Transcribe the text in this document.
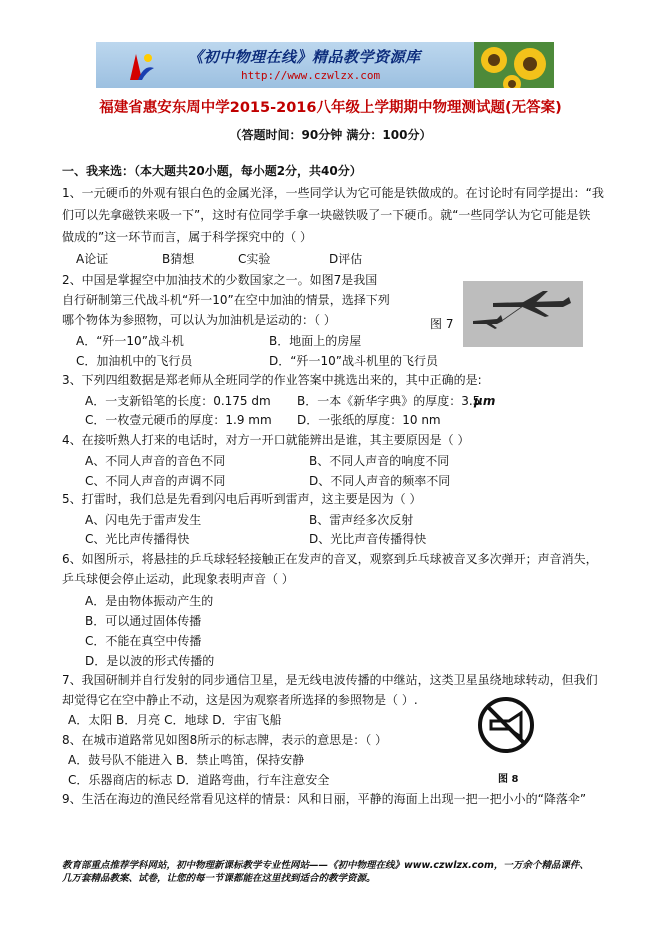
《初中物理在线》精品教学资源库
http://www.czwlzx.com
福建省惠安东周中学2015-2016八年级上学期期中物理测试题(无答案)
（答题时间：90分钟 满分：100分）
一、我来选：（本大题共20小题，每小题2分，共40分）
1、一元硬币的外观有银白色的金属光泽，一些同学认为它可能是铁做成的。在讨论时有同学提出：“我
们可以先拿磁铁来吸一下”，这时有位同学手拿一块磁铁吸了一下硬币。就“一些同学认为它可能是铁
做成的”这一环节而言，属于科学探究中的（ ）
A论证	B猜想	C实验	D评估
2、中国是掌握空中加油技术的少数国家之一。如图7是我国
自行研制第三代战斗机“歼一10”在空中加油的情景，选择下列
哪个物体为参照物，可以认为加油机是运动的：（ ）
A．“歼一10”战斗机	B．地面上的房屋
C．加油机中的飞行员	D．“歼一10”战斗机里的飞行员
图 7
3、下列四组数据是郑老师从全班同学的作业答案中挑选出来的，其中正确的是:
A．一支新铅笔的长度：0.175 dm B．一本《新华字典》的厚度：3.5
μm
C．一枚壹元硬币的厚度：1.9 mm D．一张纸的厚度：10 nm
4、在接听熟人打来的电话时，对方一开口就能辨出是谁，其主要原因是（ ）
A、不同人声音的音色不同	B、不同人声音的响度不同
C、不同人声音的声调不同	D、不同人声音的频率不同
5、打雷时，我们总是先看到闪电后再听到雷声，这主要是因为（ ）
A、闪电先于雷声发生	B、雷声经多次反射
C、光比声传播得快	D、光比声音传播得快
6、如图所示，将悬挂的乒乓球轻轻接触正在发声的音叉，观察到乒乓球被音叉多次弹开；声音消失，
乒乓球便会停止运动，此现象表明声音（ ）
A．是由物体振动产生的
B．可以通过固体传播
C．不能在真空中传播
D．是以波的形式传播的
7、我国研制并自行发射的同步通信卫星，是无线电波传播的中继站，这类卫星虽绕地球转动，但我们
却觉得它在空中静止不动，这是因为观察者所选择的参照物是（ ）.
A．太阳 B．月亮 C．地球 D．宇宙飞船
8、在城市道路常见如图8所示的标志牌，表示的意思是：（ ）
A．鼓号队不能进入 B．禁止鸣笛，保持安静
C．乐器商店的标志 D．道路弯曲，行车注意安全	图 8
9、生活在海边的渔民经常看见这样的情景：风和日丽，平静的海面上出现一把一把小小的“降落伞”
教育部重点推荐学科网站，初中物理新课标教学专业性网站——《初中物理在线》www.czwlzx.com，一万余个精品课件、
几万套精品教案、试卷，让您的每一节课都能在这里找到适合的教学资源。
